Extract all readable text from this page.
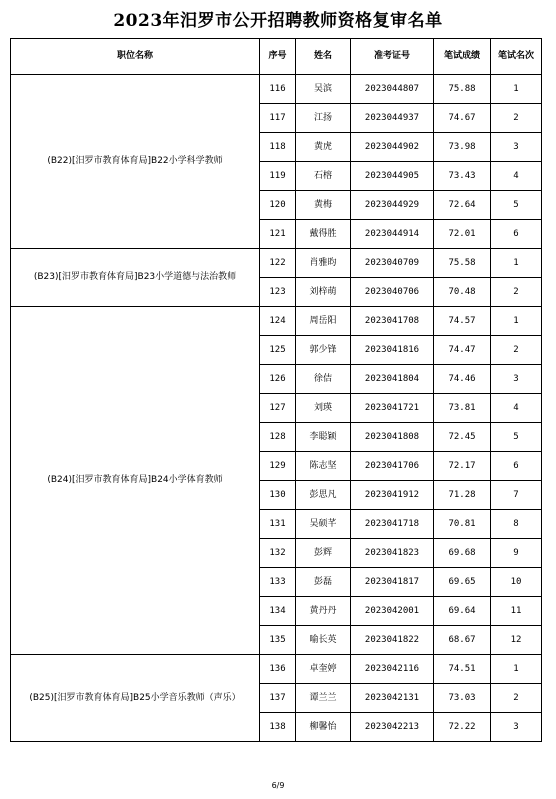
2023年汨罗市公开招聘教师资格复审名单
职位名称	序号	姓名	准考证号	笔试成绩	笔试名次
(B22)[汨罗市教育体育局]B22小学科学教师	116	吴滨	2023044807	75.88	1
	117	江扬	2023044937	74.67	2
	118	黄虎	2023044902	73.98	3
	119	石榕	2023044905	73.43	4
	120	黄梅	2023044929	72.64	5
	121	戴得胜	2023044914	72.01	6
(B23)[汨罗市教育体育局]B23小学道德与法治教师	122	肖雅昀	2023040709	75.58	1
	123	刘梓萌	2023040706	70.48	2
(B24)[汨罗市教育体育局]B24小学体育教师	124	周岳阳	2023041708	74.57	1
	125	郭少锋	2023041816	74.47	2
	126	徐佶	2023041804	74.46	3
	127	刘瑛	2023041721	73.81	4
	128	李聪颖	2023041808	72.45	5
	129	陈志坚	2023041706	72.17	6
	130	彭思凡	2023041912	71.28	7
	131	吴硕芊	2023041718	70.81	8
	132	彭辉	2023041823	69.68	9
	133	彭磊	2023041817	69.65	10
	134	黄丹丹	2023042001	69.64	11
	135	喻长英	2023041822	68.67	12
(B25)[汨罗市教育体育局]B25小学音乐教师（声乐）	136	卓奎婷	2023042116	74.51	1
	137	谭兰兰	2023042131	73.03	2
	138	柳馨怡	2023042213	72.22	3
6/9
